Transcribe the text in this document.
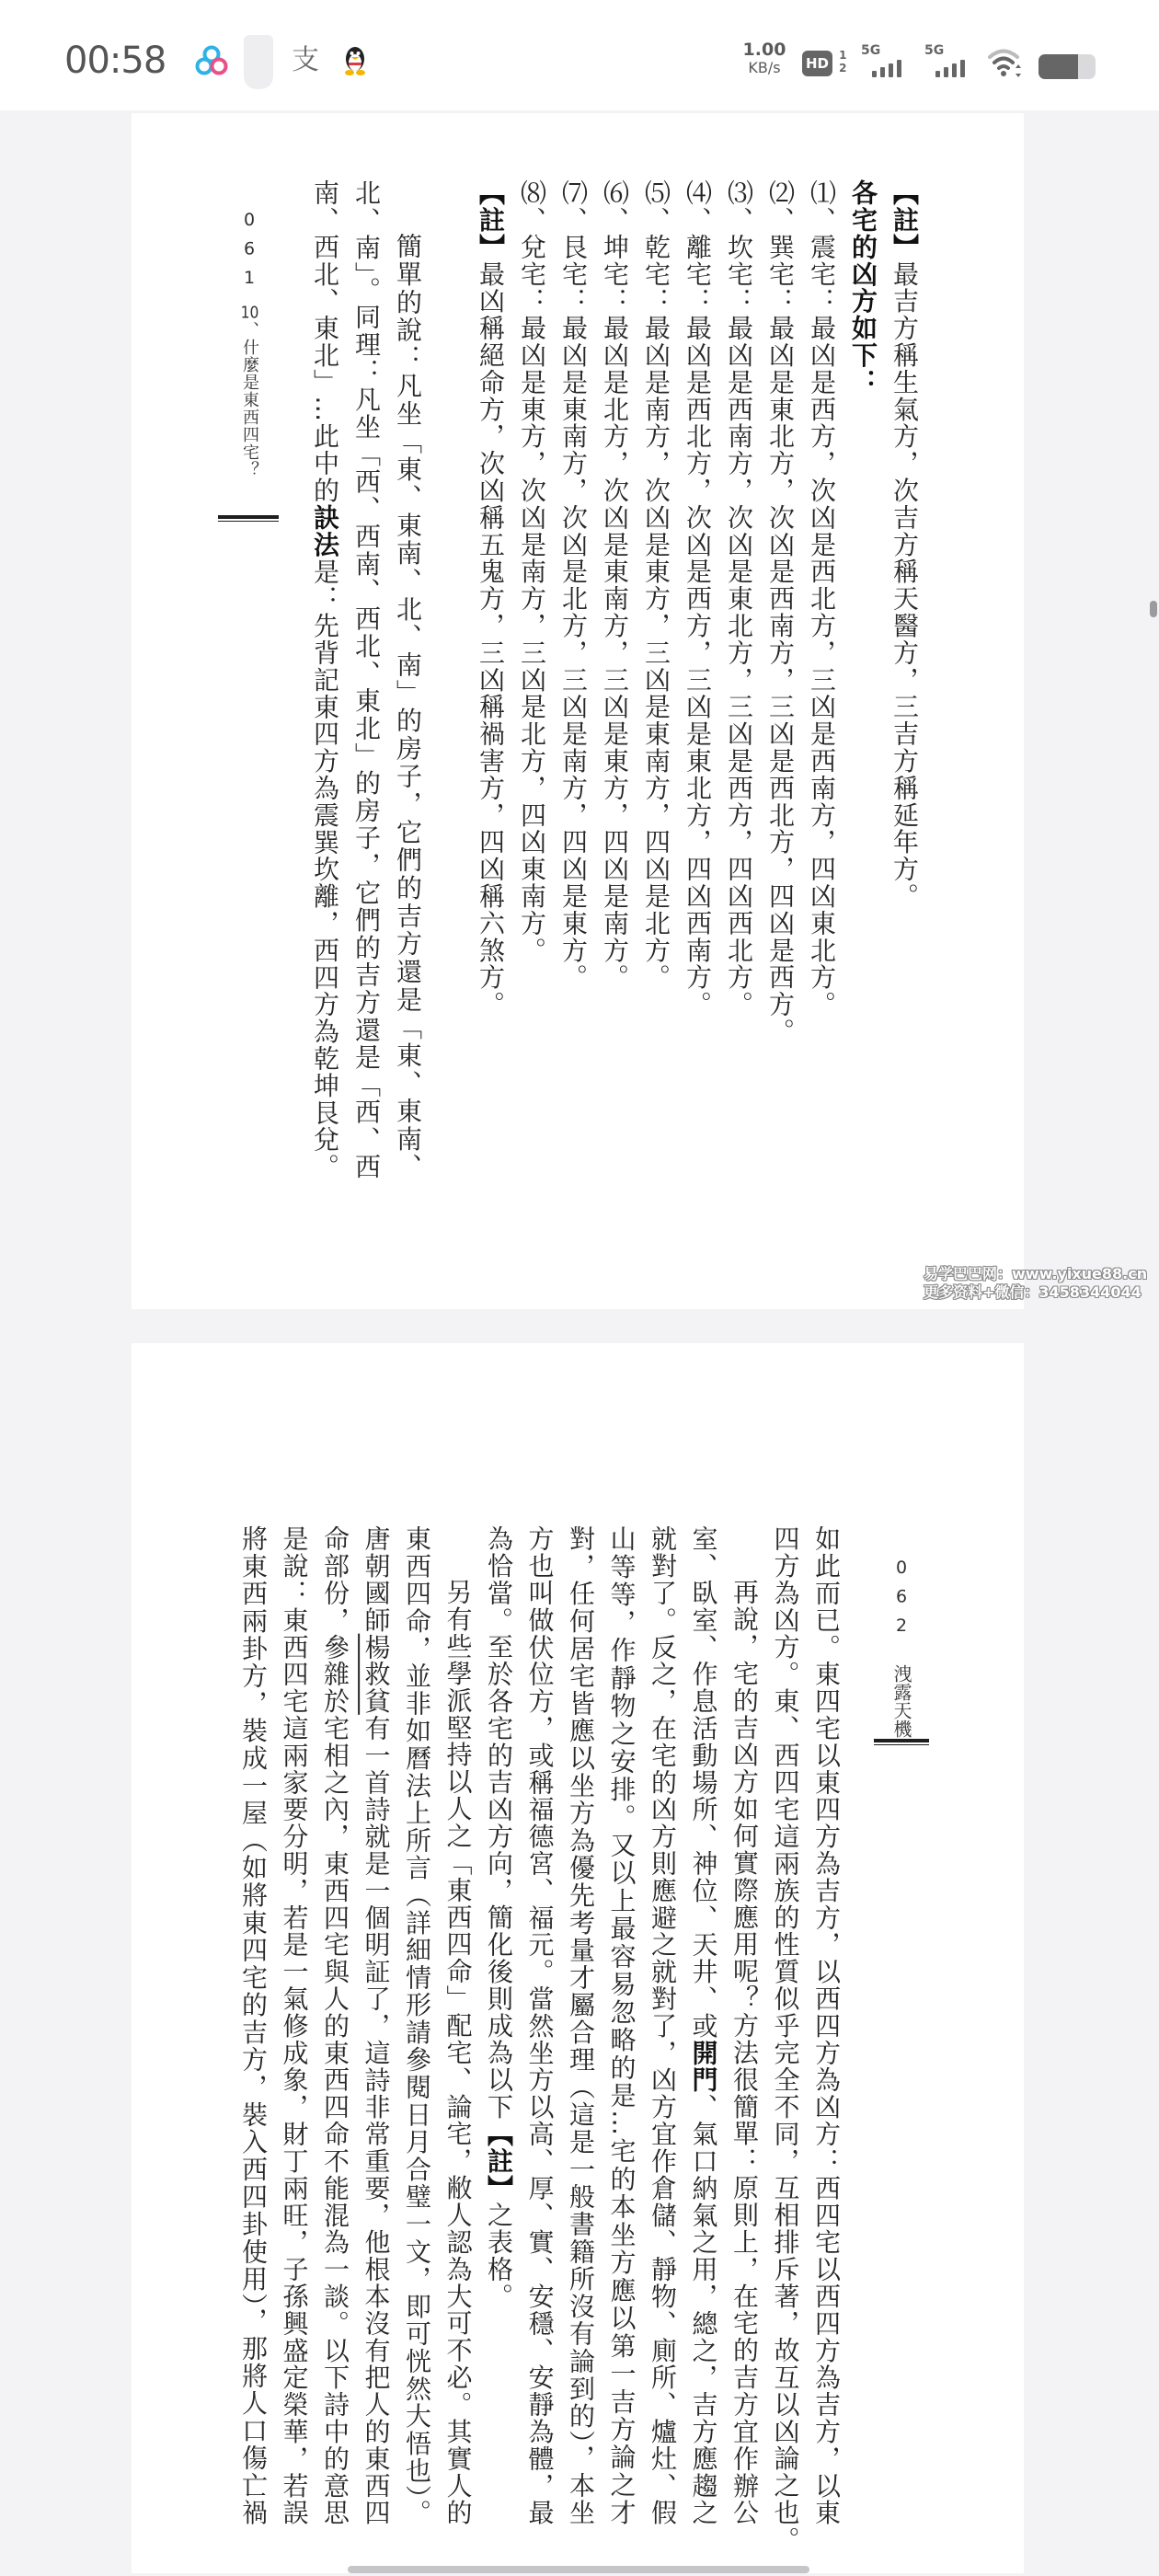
00:58	支	1.00
KB/s	HD 1
2
5G	5G
06110、什麼是東西四宅？
【註】最吉方稱生氣方，次吉方稱天醫方，三吉方稱延年方。
各宅的凶方如下：
⑴、震宅：最凶是西方，次凶是西北方，三凶是西南方，四凶東北方。
⑵、巽宅：最凶是東北方，次凶是西南方，三凶是西北方，四凶是西方。
⑶、坎宅：最凶是西南方，次凶是東北方，三凶是西方，四凶西北方。
⑷、離宅：最凶是西北方，次凶是西方，三凶是東北方，四凶西南方。
⑸、乾宅：最凶是南方，次凶是東方，三凶是東南方，四凶是北方。
⑹、坤宅：最凶是北方，次凶是東南方，三凶是東方，四凶是南方。
⑺、艮宅：最凶是東南方，次凶是北方，三凶是南方，四凶是東方。
⑻、兌宅：最凶是東方，次凶是南方，三凶是北方，四凶東南方。
【註】最凶稱絕命方，次凶稱五鬼方，三凶稱禍害方，四凶稱六煞方。
簡單的說：凡坐「東、東南、北、南」的房子，它們的吉方還是「東、東南、
北、南」。同理：凡坐「西、西南、西北、東北」的房子，它們的吉方還是「西、西
南、西北、東北」…此中的訣法是：先背記東四方為震巽坎離，西四方為乾坤艮兌。
062洩露天機
如此而已。東四宅以東四方為吉方，以西四方為凶方：西四宅以西四方為吉方，以東
四方為凶方。東、西四宅這兩族的性質似乎完全不同，互相排斥著，故互以凶論之也。
再說，宅的吉凶方如何實際應用呢？方法很簡單：原則上，在宅的吉方宜作辦公
室、臥室、作息活動場所、神位、天井、或開門、氣口納氣之用，總之，吉方應趨之
就對了。反之，在宅的凶方則應避之就對了，凶方宜作倉儲、靜物、廁所、爐灶、假
山等等，作靜物之安排。又以上最容易忽略的是…宅的本坐方應以第一吉方論之才
對，任何居宅皆應以坐方為優先考量才屬合理（這是一般書籍所沒有論到的），本坐
方也叫做伏位方，或稱福德宮、福元。當然坐方以高、厚、實、安穩、安靜為體，最
為恰當。至於各宅的吉凶方向，簡化後則成為以下【註】之表格。
另有些學派堅持以人之「東西四命」配宅、論宅，敝人認為大可不必。其實人的
東西四命，並非如曆法上所言（詳細情形請參閱日月合璧一文，即可恍然大悟也）。
唐朝國師楊救貧有一首詩就是一個明証了，這詩非常重要，他根本沒有把人的東西四
命部份，參雜於宅相之內，東西四宅與人的東西四命不能混為一談。以下詩中的意思
是說：東西四宅這兩家要分明，若是一氣修成象，財丁兩旺，子孫興盛定榮華，若誤
將東西兩卦方，裝成一屋（如將東四宅的吉方，裝入西四卦使用），那將人口傷亡禍
易学巴巴网：www.yixue88.cn
更多资料+微信：3458344044
